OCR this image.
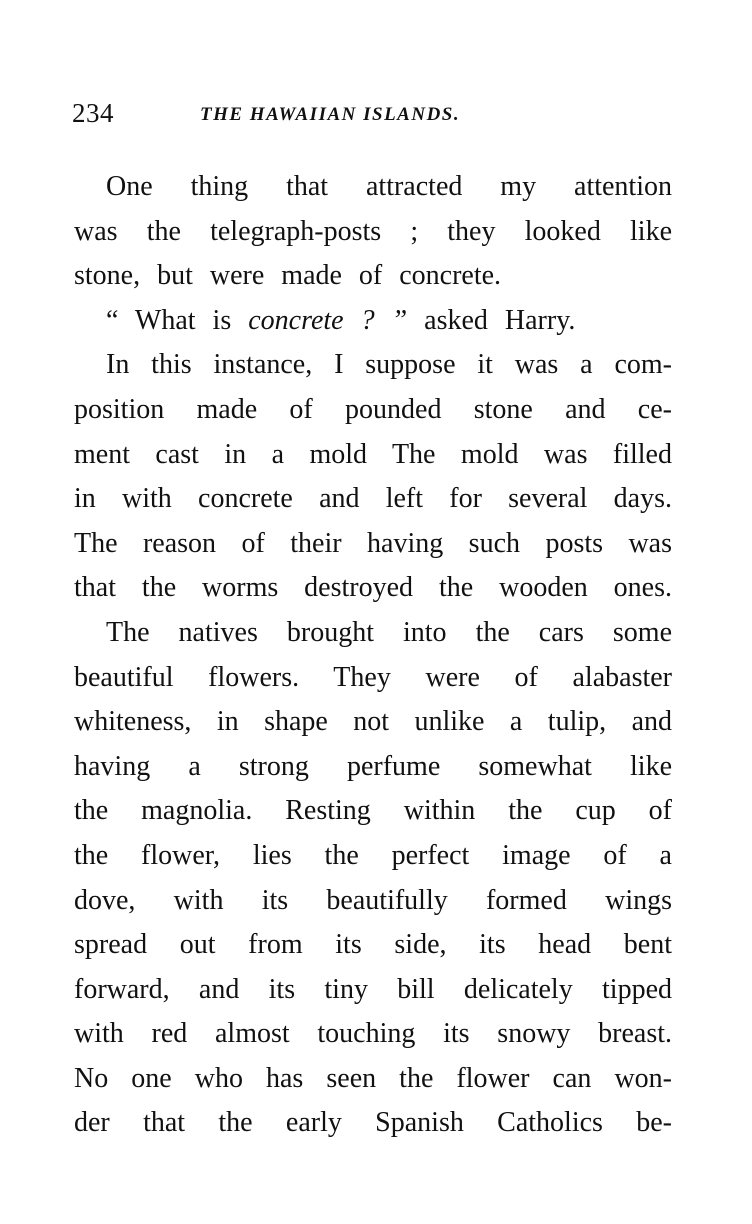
234	THE HAWAIIAN ISLANDS.
One thing that attracted my attention
was the telegraph-posts ; they looked like
stone, but were made of concrete.
“ What is concrete ? ” asked Harry.
In this instance, I suppose it was a com-
position made of pounded stone and ce-
ment cast in a mold The mold was filled
in with concrete and left for several days.
The reason of their having such posts was
that the worms destroyed the wooden ones.
The natives brought into the cars some
beautiful flowers. They were of alabaster
whiteness, in shape not unlike a tulip, and
having a strong perfume somewhat like
the magnolia. Resting within the cup of
the flower, lies the perfect image of a
dove, with its beautifully formed wings
spread out from its side, its head bent
forward, and its tiny bill delicately tipped
with red almost touching its snowy breast.
No one who has seen the flower can won-
der that the early Spanish Catholics be-
